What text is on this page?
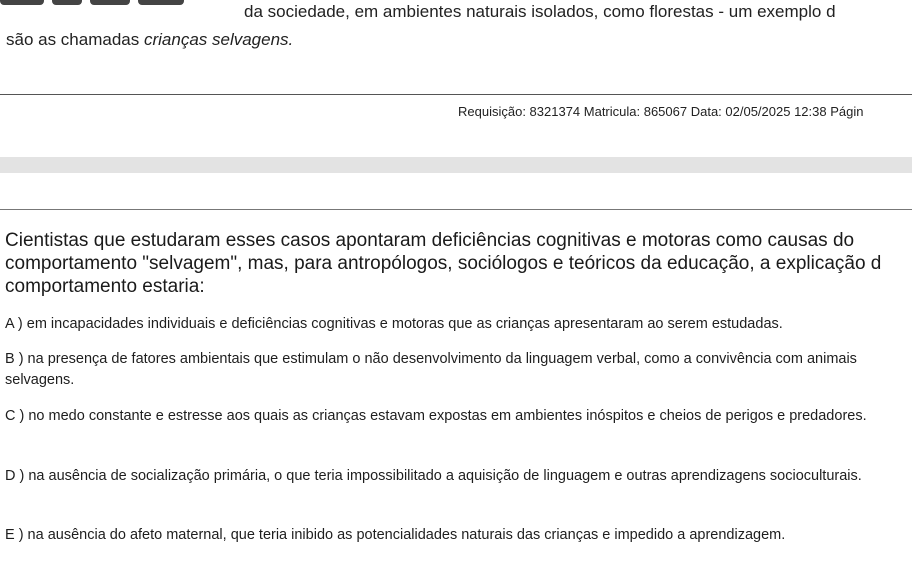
da sociedade, em ambientes naturais isolados, como florestas - um exemplo d
são as chamadas crianças selvagens.
Requisição: 8321374 Matricula: 865067 Data: 02/05/2025 12:38 Págin
Cientistas que estudaram esses casos apontaram deficiências cognitivas e motoras como causas do comportamento "selvagem", mas, para antropólogos, sociólogos e teóricos da educação, a explicação d comportamento estaria:
A ) em incapacidades individuais e deficiências cognitivas e motoras que as crianças apresentaram ao serem estudadas.
B ) na presença de fatores ambientais que estimulam o não desenvolvimento da linguagem verbal, como a convivência com animais selvagens.
C ) no medo constante e estresse aos quais as crianças estavam expostas em ambientes inóspitos e cheios de perigos e predadores.
D ) na ausência de socialização primária, o que teria impossibilitado a aquisição de linguagem e outras aprendizagens socioculturais.
E ) na ausência do afeto maternal, que teria inibido as potencialidades naturais das crianças e impedido a aprendizagem.
